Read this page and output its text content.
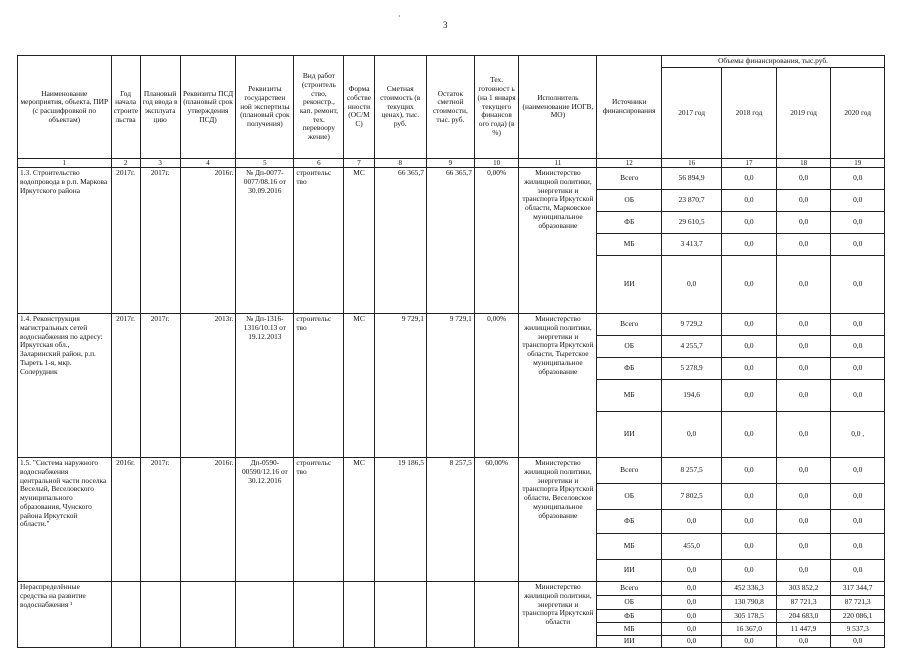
·
3
Наименование мероприятия, объекта, ПИР (с расшифровкой по объектам)	Год начала строите льства	Плановый год ввода в эксплуата цию	Реквизиты ПСД (плановый срок утверждения ПСД)	Реквизиты государствен ной экспертизы (плановый срок получения)	Вид работ (строитель ство, реконстр., кап. ремонт, тех. перевоору жение)	Форма собстве нности (ОС/М С)	Сметная стоимость (в текущих ценах), тыс. руб.	Остаток сметной стоимости, тыс. руб.	Тех. готовност ь (на 1 января текущего финансов ого года) (в %)	Исполнитель (наименование ИОГВ, МО)	Источники финансирования	Объемы финансирования, тыс.руб.			
												2017 год	2018 год	2019 год	2020 год
1	2	3	4	5	6	7	8	9	10	11	12	16	17	18	19
1.3. Строительство водопровода в р.п. Маркова Иркутского района	2017г.	2017г.	2016г.	№ Дп-0077-0077/08.16 от 30.09.2016	строительс тво	МС	66 365,7	66 365,7	0,00%	Министерство жилищной политики, энергетики и транспорта Иркутской области, Марковское муниципальное образование	Всего	56 894,9	0,0	0,0	0,0
											ОБ	23 870,7	0,0	0,0	0,0
											ФБ	29 610,5	0,0	0,0	0,0
											МБ	3 413,7	0,0	0,0	0,0
											ИИ	0,0	0,0	0,0	0,0
1.4. Реконструкция магистральных сетей водоснабжения по адресу: Иркутская обл., Заларинский район, р.п. Тыреть 1-я, мкр. Солерудник	2017г.	2017г.	2013г.	№ Дп-1316-1316/10.13 от 19.12.2013	строительс тво	МС	9 729,1	9 729,1	0,00%	Министерство жилищной политики, энергетики и транспорта Иркутской области, Тыретское муниципальное образование	Всего	9 729,2	0,0	0,0	0,0
											ОБ	4 255,7	0,0	0,0	0,0
											ФБ	5 278,9	0,0	0,0	0,0
											МБ	194,6	0,0	0,0	0,0
											ИИ	0,0	0,0	0,0	0,0 ,
1.5. "Система наружного водоснабжения центральной части поселка Веселый, Веселовского муниципального образования, Чунского района Иркутской области."	2016г.	2017г.	2016г.	Дп-0590-00590/12.16 от 30.12.2016	строительс тво	МС	19 186,5	8 257,5	60,00%	Министерство жилищной политики, энергетики и транспорта Иркутской области, Веселовское муниципальное образование	Всего	8 257,5	0,0	0,0	0,0
											ОБ	7 802,5	0,0	0,0	0,0
											ФБ	0,0	0,0	0,0	0,0
											МБ	455,0	0,0	0,0	0,0
											ИИ	0,0	0,0	0,0	0,0
Нераспределённые средства на развитие водоснабжения ¹										Министерство жилищной политики, энергетики и транспорта Иркутской области	Всего	0,0	452 336,3	303 852,2	317 344,7
											ОБ	0,0	130 790,8	87 721,3	87 721,3
											ФБ	0,0	305 178,5	204 683,0	220 086,1
											МБ	0,0	16 367,0	11 447,9	9 537,3
											ИИ	0,0	0,0	0,0	0,0
